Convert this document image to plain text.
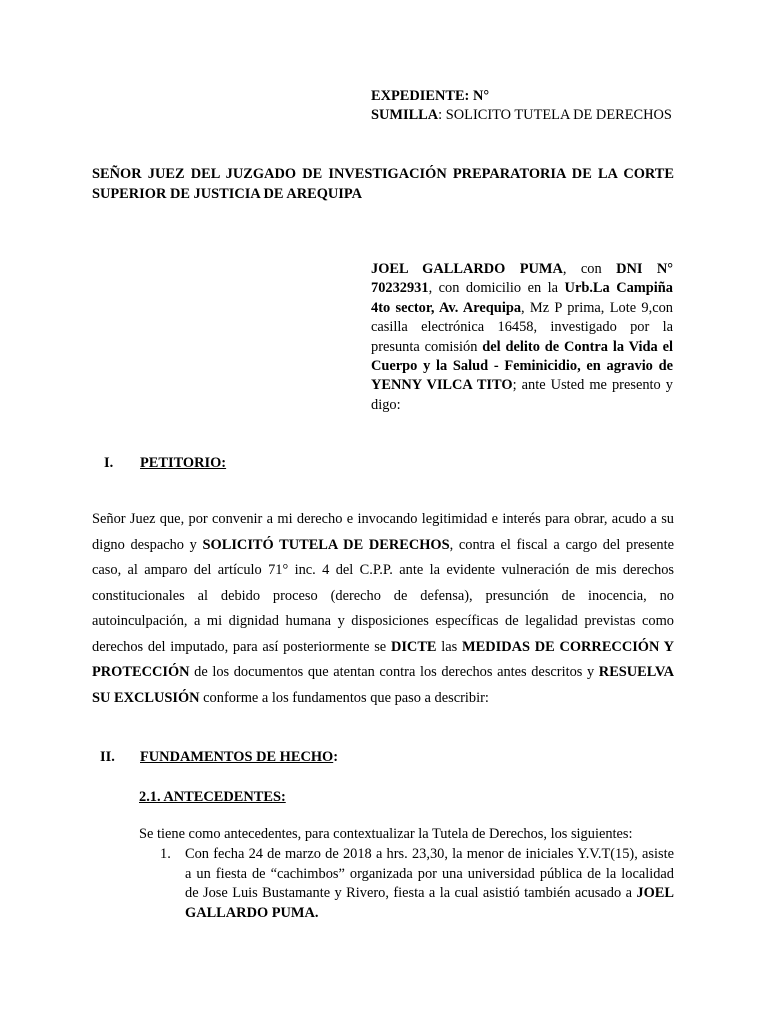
EXPEDIENTE: N°
SUMILLA: SOLICITO TUTELA DE DERECHOS
SEÑOR JUEZ DEL JUZGADO DE INVESTIGACIÓN PREPARATORIA DE LA CORTE SUPERIOR DE JUSTICIA DE AREQUIPA
JOEL GALLARDO PUMA, con DNI N° 70232931, con domicilio en la Urb.La Campiña 4to sector, Av. Arequipa, Mz P prima, Lote 9,con casilla electrónica 16458, investigado por la presunta comisión del delito de Contra la Vida el Cuerpo y la Salud - Feminicidio, en agravio de YENNY VILCA TITO; ante Usted me presento y digo:
I. PETITORIO:
Señor Juez que, por convenir a mi derecho e invocando legitimidad e interés para obrar, acudo a su digno despacho y SOLICITÓ TUTELA DE DERECHOS, contra el fiscal a cargo del presente caso, al amparo del artículo 71° inc. 4 del C.P.P. ante la evidente vulneración de mis derechos constitucionales al debido proceso (derecho de defensa), presunción de inocencia, no autoinculpación, a mi dignidad humana y disposiciones específicas de legalidad previstas como derechos del imputado, para así posteriormente se DICTE las MEDIDAS DE CORRECCIÓN Y PROTECCIÓN de los documentos que atentan contra los derechos antes descritos y RESUELVA SU EXCLUSIÓN conforme a los fundamentos que paso a describir:
II. FUNDAMENTOS DE HECHO:
2.1. ANTECEDENTES:
Se tiene como antecedentes, para contextualizar la Tutela de Derechos, los siguientes:
1. Con fecha 24 de marzo de 2018 a hrs. 23,30, la menor de iniciales Y.V.T(15), asiste a un fiesta de “cachimbos” organizada por una universidad pública de la localidad de Jose Luis Bustamante y Rivero, fiesta a la cual asistió también acusado a JOEL GALLARDO PUMA.
